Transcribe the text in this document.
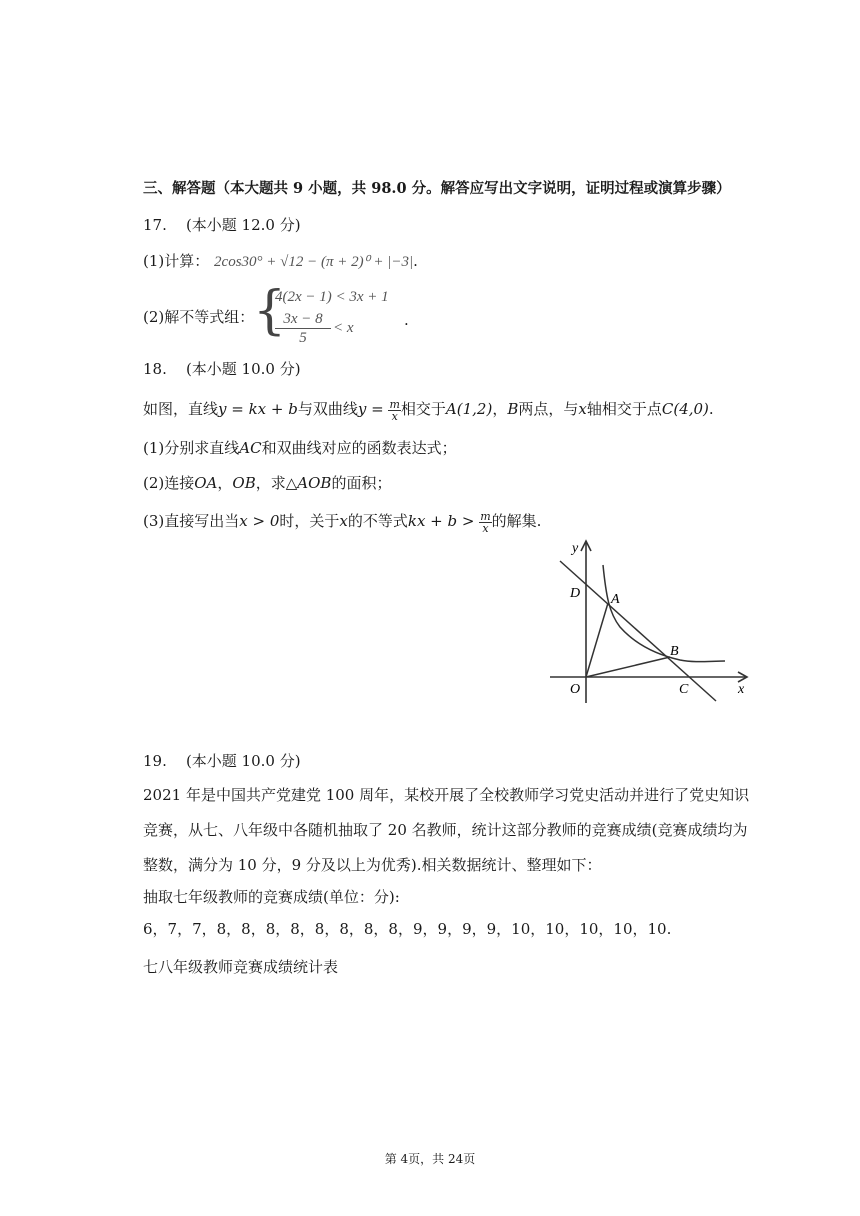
三、解答题（本大题共 9 小题，共 98.0 分。解答应写出文字说明，证明过程或演算步骤）
17. (本小题 12.0 分)
(1)计算： 2cos30° + √12 − (π + 2)⁰ + |−3|.
(2)解不等式组：
{
4(2x − 1) < 3x + 1
$\frac{3x - 8}{5} < x$	.
18. (本小题 10.0 分)
如图，直线y = kx + b与双曲线$y = \frac{m}{x}$ 相交于A(1,2)，B两点，与x轴相交于点C(4,0).
(1)分别求直线AC和双曲线对应的函数表达式；
(2)连接OA，OB，求△AOB的面积；
(3)直接写出当x > 0时，关于x的不等式kx + $b > \frac{m}{x}$ 的解集.
y
x
D A
B
O	C
19. (本小题 10.0 分)
2021 年是中国共产党建党 100 周年，某校开展了全校教师学习党史活动并进行了党史知识
竞赛，从七、八年级中各随机抽取了 20 名教师，统计这部分教师的竞赛成绩(竞赛成绩均为
整数，满分为 10 分，9 分及以上为优秀).相关数据统计、整理如下：
抽取七年级教师的竞赛成绩(单位：分):
6，7，7，8，8，8，8，8，8，8，8，9，9，9，9，10，10，10，10，10.
七八年级教师竞赛成绩统计表
第 4页，共 24页
